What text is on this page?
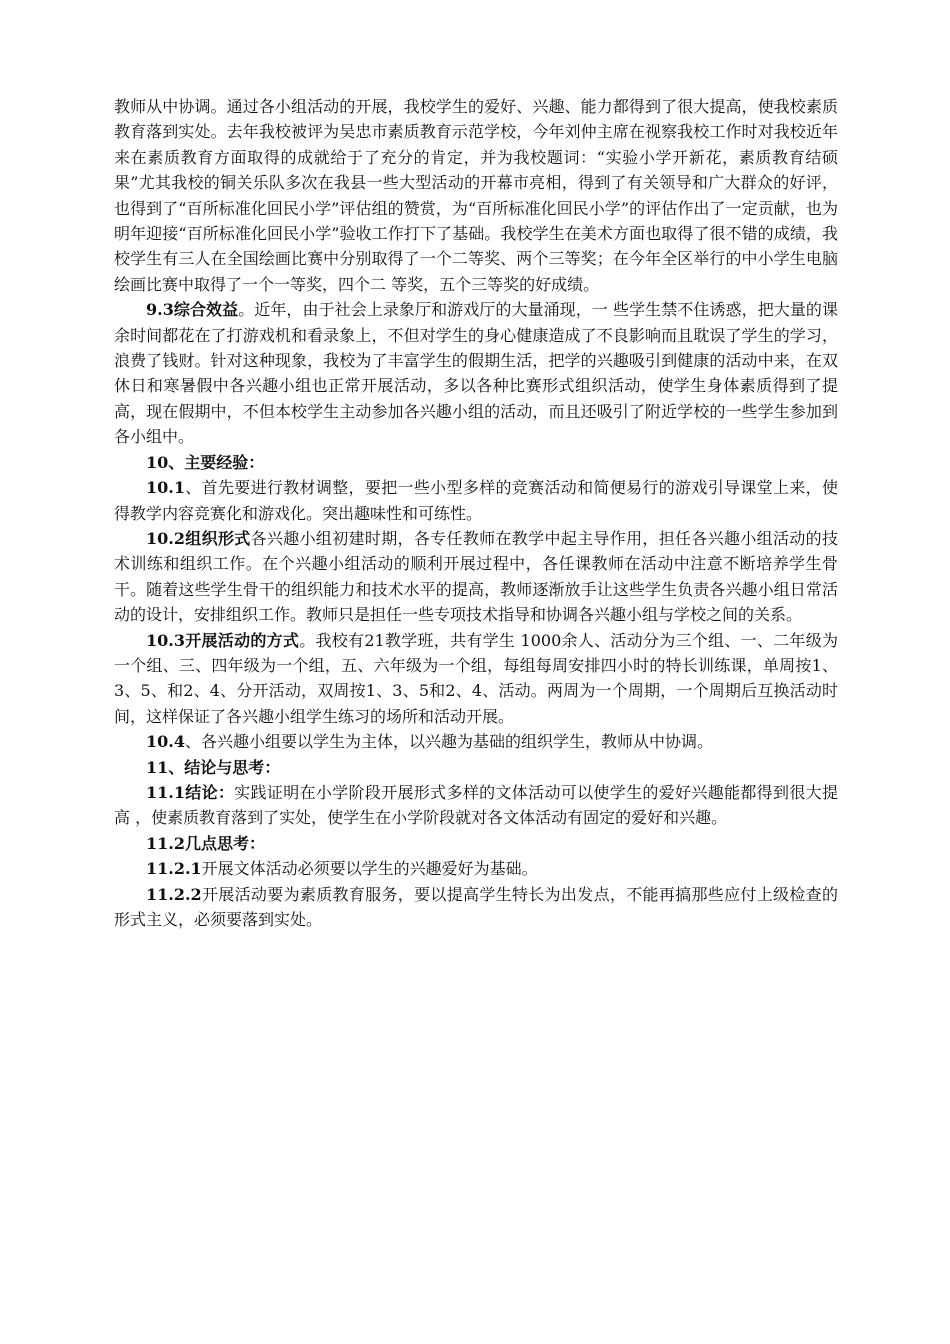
教师从中协调。通过各小组活动的开展，我校学生的爱好、兴趣、能力都得到了很大提高，使我校素质教育落到实处。去年我校被评为吴忠市素质教育示范学校，今年刘仲主席在视察我校工作时对我校近年来在素质教育方面取得的成就给于了充分的肯定，并为我校题词：“实验小学开新花，素质教育结硕果”尤其我校的铜关乐队多次在我县一些大型活动的开幕市亮相，得到了有关领导和广大群众的好评，也得到了“百所标准化回民小学”评估组的赞赏，为“百所标准化回民小学”的评估作出了一定贡献，也为明年迎接“百所标准化回民小学”验收工作打下了基础。我校学生在美术方面也取得了很不错的成绩，我校学生有三人在全国绘画比赛中分别取得了一个二等奖、两个三等奖；在今年全区举行的中小学生电脑绘画比赛中取得了一个一等奖，四个二 等奖，五个三等奖的好成绩。

9.3综合效益。近年，由于社会上录象厅和游戏厅的大量涌现，一 些学生禁不住诱惑，把大量的课余时间都花在了打游戏机和看录象上，不但对学生的身心健康造成了不良影响而且耽误了学生的学习，浪费了钱财。针对这种现象，我校为了丰富学生的假期生活，把学的兴趣吸引到健康的活动中来，在双休日和寒暑假中各兴趣小组也正常开展活动，多以各种比赛形式组织活动，使学生身体素质得到了提高，现在假期中，不但本校学生主动参加各兴趣小组的活动，而且还吸引了附近学校的一些学生参加到各小组中。

10、主要经验：

10.1、首先要进行教材调整，要把一些小型多样的竞赛活动和简便易行的游戏引导课堂上来，使得教学内容竞赛化和游戏化。突出趣味性和可练性。

10.2组织形式各兴趣小组初建时期，各专任教师在教学中起主导作用，担任各兴趣小组活动的技术训练和组织工作。在个兴趣小组活动的顺利开展过程中，各任课教师在活动中注意不断培养学生骨干。随着这些学生骨干的组织能力和技术水平的提高，教师逐渐放手让这些学生负责各兴趣小组日常活动的设计，安排组织工作。教师只是担任一些专项技术指导和协调各兴趣小组与学校之间的关系。

10.3开展活动的方式。我校有21教学班，共有学生 1000余人、活动分为三个组、一、二年级为一个组、三、四年级为一个组，五、六年级为一个组，每组每周安排四小时的特长训练课，单周按1、3、5、和2、4、分开活动，双周按1、3、5和2、4、活动。两周为一个周期，一个周期后互换活动时间，这样保证了各兴趣小组学生练习的场所和活动开展。

10.4、各兴趣小组要以学生为主体，以兴趣为基础的组织学生，教师从中协调。

11、结论与思考：

11.1结论：实践证明在小学阶段开展形式多样的文体活动可以使学生的爱好兴趣能都得到很大提高 ，使素质教育落到了实处，使学生在小学阶段就对各文体活动有固定的爱好和兴趣。

11.2几点思考：

11.2.1开展文体活动必须要以学生的兴趣爱好为基础。

11.2.2开展活动要为素质教育服务，要以提高学生特长为出发点，不能再搞那些应付上级检查的形式主义，必须要落到实处。
